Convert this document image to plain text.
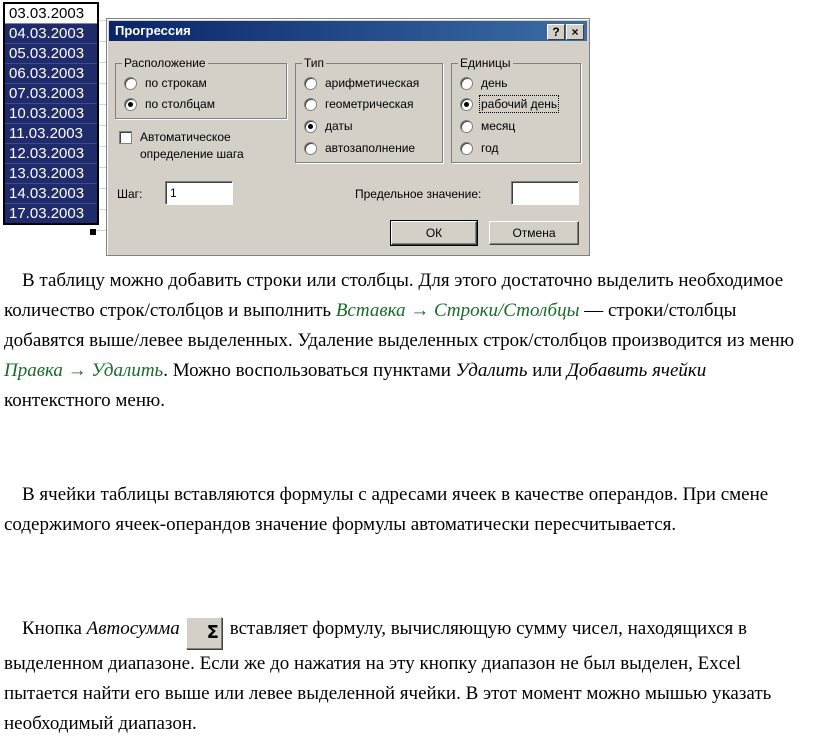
03.03.2003
04.03.2003
05.03.2003
06.03.2003
07.03.2003
10.03.2003
11.03.2003
12.03.2003
13.03.2003
14.03.2003
17.03.2003
Прогрессия	? ×
Расположение
по строкам
по столбцам
Автоматическое
определение шага
Тип
арифметическая
геометрическая
даты
автозаполнение
Единицы
день
рабочий день
месяц
год
Шаг:	1	Предельное значение:
ОК	Отмена

В таблицу можно добавить строки или столбцы. Для этого достаточно выделить необходимое количество строк/столбцов и выполнить Вставка → Строки/Столбцы — строки/столбцы добавятся выше/левее выделенных. Удаление выделенных строк/столбцов производится из меню Правка → Удалить. Можно воспользоваться пунктами Удалить или Добавить ячейки контекстного меню.

В ячейки таблицы вставляются формулы с адресами ячеек в качестве операндов. При смене содержимого ячеек-операндов значение формулы автоматически пересчитывается.

Кнопка Автосумма Σ вставляет формулу, вычисляющую сумму чисел, находящихся в выделенном диапазоне. Если же до нажатия на эту кнопку диапазон не был выделен, Excel пытается найти его выше или левее выделенной ячейки. В этот момент можно мышью указать необходимый диапазон.
